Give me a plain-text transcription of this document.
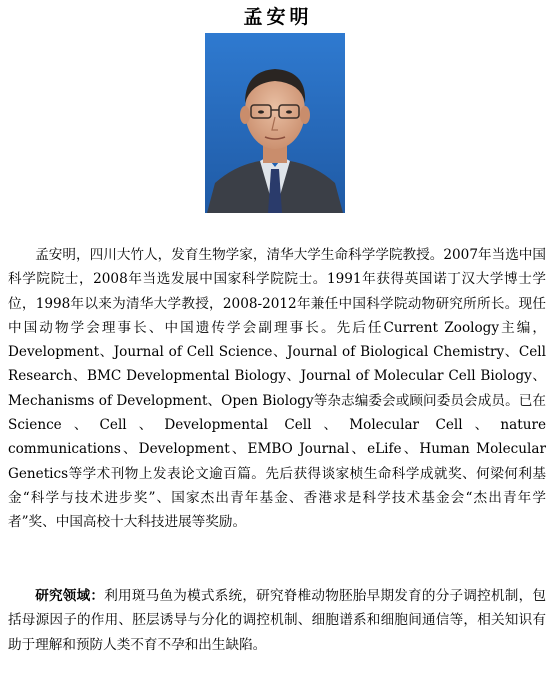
孟安明

孟安明，四川大竹人，发育生物学家，清华大学生命科学学院教授。2007年当选中国科学院院士，2008年当选发展中国家科学院院士。1991年获得英国诺丁汉大学博士学位，1998年以来为清华大学教授，2008-2012年兼任中国科学院动物研究所所长。现任中国动物学会理事长、中国遗传学会副理事长。先后任Current Zoology主编，Development、Journal of Cell Science、Journal of Biological Chemistry、Cell Research、BMC Developmental Biology、Journal of Molecular Cell Biology、Mechanisms of Development、Open Biology等杂志编委会或顾问委员会成员。已在Science、Cell、Developmental Cell、Molecular Cell、nature communications、Development、EMBO Journal、eLife、Human Molecular Genetics等学术刊物上发表论文逾百篇。先后获得谈家桢生命科学成就奖、何梁何利基金“科学与技术进步奖”、国家杰出青年基金、香港求是科学技术基金会“杰出青年学者”奖、中国高校十大科技进展等奖励。

研究领域：利用斑马鱼为模式系统，研究脊椎动物胚胎早期发育的分子调控机制，包括母源因子的作用、胚层诱导与分化的调控机制、细胞谱系和细胞间通信等，相关知识有助于理解和预防人类不育不孕和出生缺陷。
